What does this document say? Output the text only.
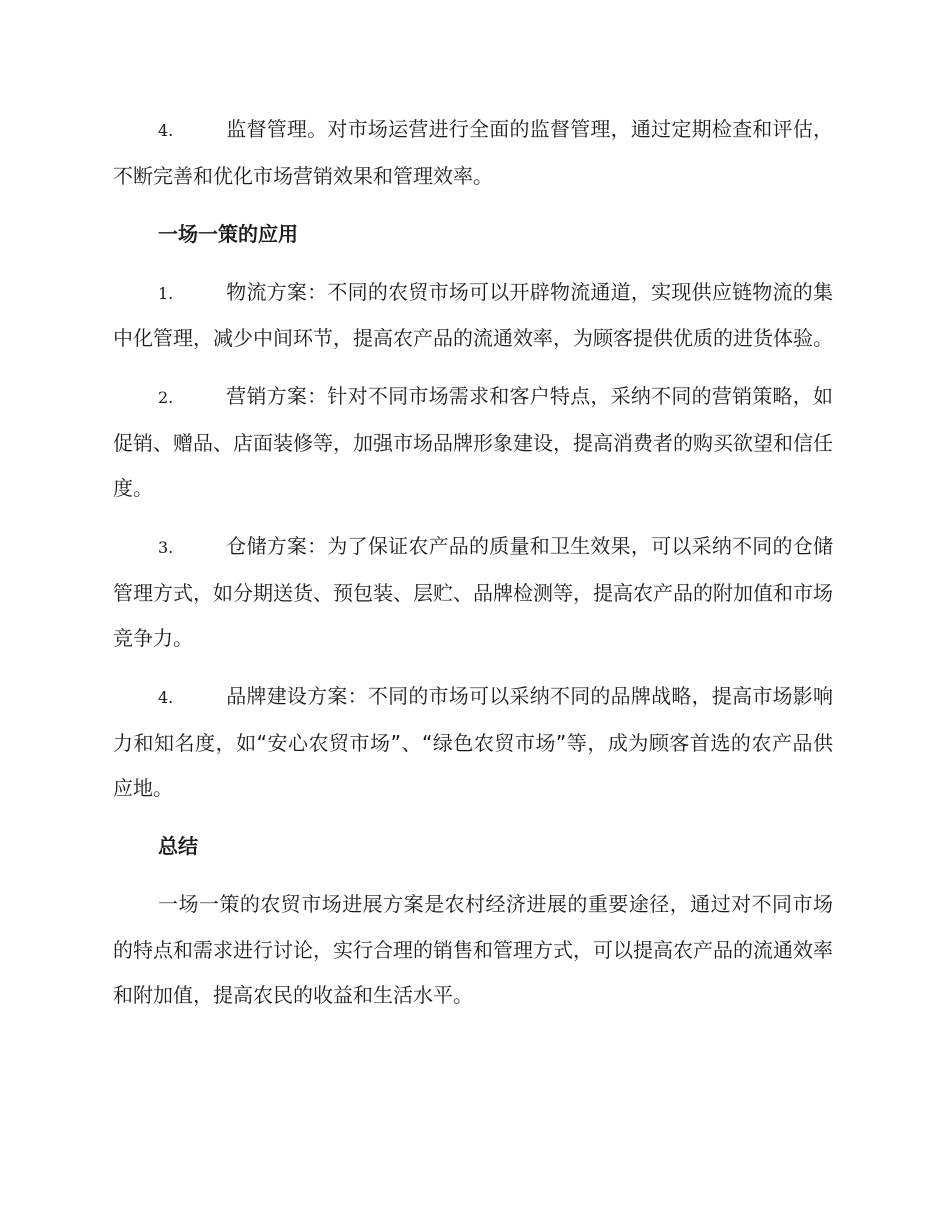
4.	监督管理。对市场运营进行全面的监督管理，通过定期检查和评估，不断完善和优化市场营销效果和管理效率。

一场一策的应用

1.	物流方案：不同的农贸市场可以开辟物流通道，实现供应链物流的集中化管理，减少中间环节，提高农产品的流通效率，为顾客提供优质的进货体验。

2.	营销方案：针对不同市场需求和客户特点，采纳不同的营销策略，如促销、赠品、店面装修等，加强市场品牌形象建设，提高消费者的购买欲望和信任度。

3.	仓储方案：为了保证农产品的质量和卫生效果，可以采纳不同的仓储管理方式，如分期送货、预包装、层贮、品牌检测等，提高农产品的附加值和市场竞争力。

4.	品牌建设方案：不同的市场可以采纳不同的品牌战略，提高市场影响力和知名度，如“安心农贸市场”、“绿色农贸市场”等，成为顾客首选的农产品供应地。

总结

一场一策的农贸市场进展方案是农村经济进展的重要途径，通过对不同市场的特点和需求进行讨论，实行合理的销售和管理方式，可以提高农产品的流通效率和附加值，提高农民的收益和生活水平。
